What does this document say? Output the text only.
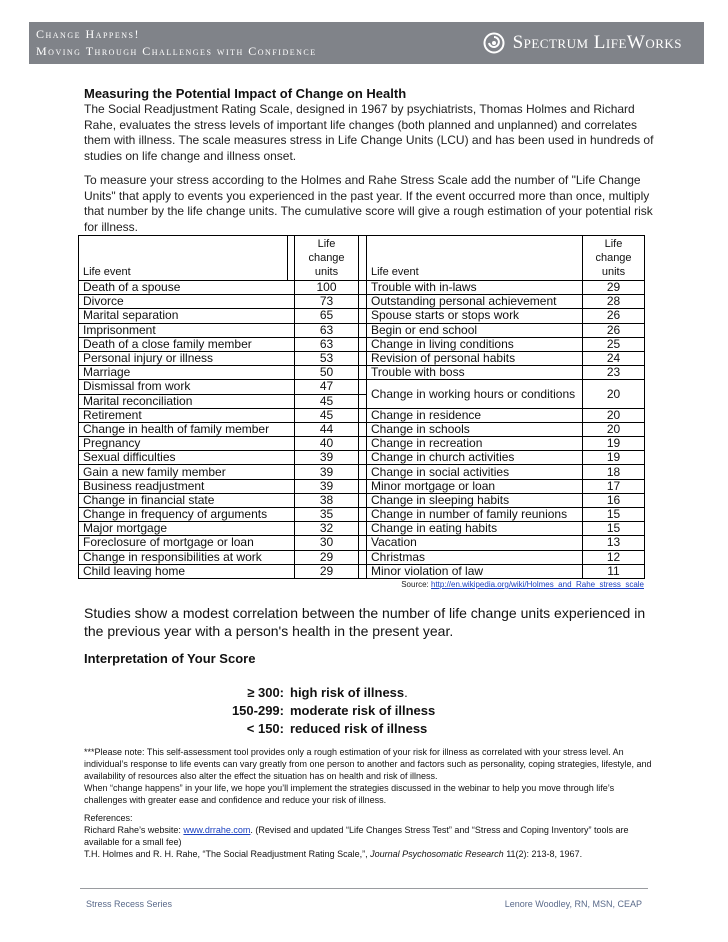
Change Happens!
Moving Through Challenges with Confidence	Spectrum LifeWorks

Measuring the Potential Impact of Change on Health

The Social Readjustment Rating Scale, designed in 1967 by psychiatrists, Thomas Holmes and Richard Rahe, evaluates the stress levels of important life changes (both planned and unplanned) and correlates them with illness. The scale measures stress in Life Change Units (LCU) and has been used in hundreds of studies on life change and illness onset.

To measure your stress according to the Holmes and Rahe Stress Scale add the number of "Life Change Units" that apply to events you experienced in the past year. If the event occurred more than once, multiply that number by the life change units. The cumulative score will give a rough estimation of your potential risk for illness.

Life event		Life change units		Life event	Life change units
Death of a spouse		100		Trouble with in-laws	29
Divorce		73		Outstanding personal achievement	28
Marital separation		65		Spouse starts or stops work	26
Imprisonment		63		Begin or end school	26
Death of a close family member		63		Change in living conditions	25
Personal injury or illness		53		Revision of personal habits	24
Marriage		50		Trouble with boss	23
Dismissal from work		47		Change in working hours or conditions	20
Marital reconciliation		45			
Retirement		45		Change in residence	20
Change in health of family member		44		Change in schools	20
Pregnancy		40		Change in recreation	19
Sexual difficulties		39		Change in church activities	19
Gain a new family member		39		Change in social activities	18
Business readjustment		39		Minor mortgage or loan	17
Change in financial state		38		Change in sleeping habits	16
Change in frequency of arguments		35		Change in number of family reunions	15
Major mortgage		32		Change in eating habits	15
Foreclosure of mortgage or loan		30		Vacation	13
Change in responsibilities at work		29		Christmas	12
Child leaving home		29		Minor violation of law	11
Source: http://en.wikipedia.org/wiki/Holmes_and_Rahe_stress_scale
Studies show a modest correlation between the number of life change units experienced in the previous year with a person's health in the present year.
Interpretation of Your Score
≥ 300: high risk of illness .
150-299: moderate risk of illness
< 150: reduced risk of illness
***Please note: This self-assessment tool provides only a rough estimation of your risk for illness as correlated with your stress level. An individual’s response to life events can vary greatly from one person to another and factors such as personality, coping strategies, lifestyle, and availability of resources also alter the effect the situation has on health and risk of illness.
When “change happens” in your life, we hope you’ll implement the strategies discussed in the webinar to help you move through life’s challenges with greater ease and confidence and reduce your risk of illness.
References:
Richard Rahe’s website: www.drrahe.com. (Revised and updated “Life Changes Stress Test” and “Stress and Coping Inventory” tools are available for a small fee)
T.H. Holmes and R. H. Rahe, “The Social Readjustment Rating Scale,”, Journal Psychosomatic Research 11(2): 213-8, 1967.
Stress Recess Series	Lenore Woodley, RN, MSN, CEAP
